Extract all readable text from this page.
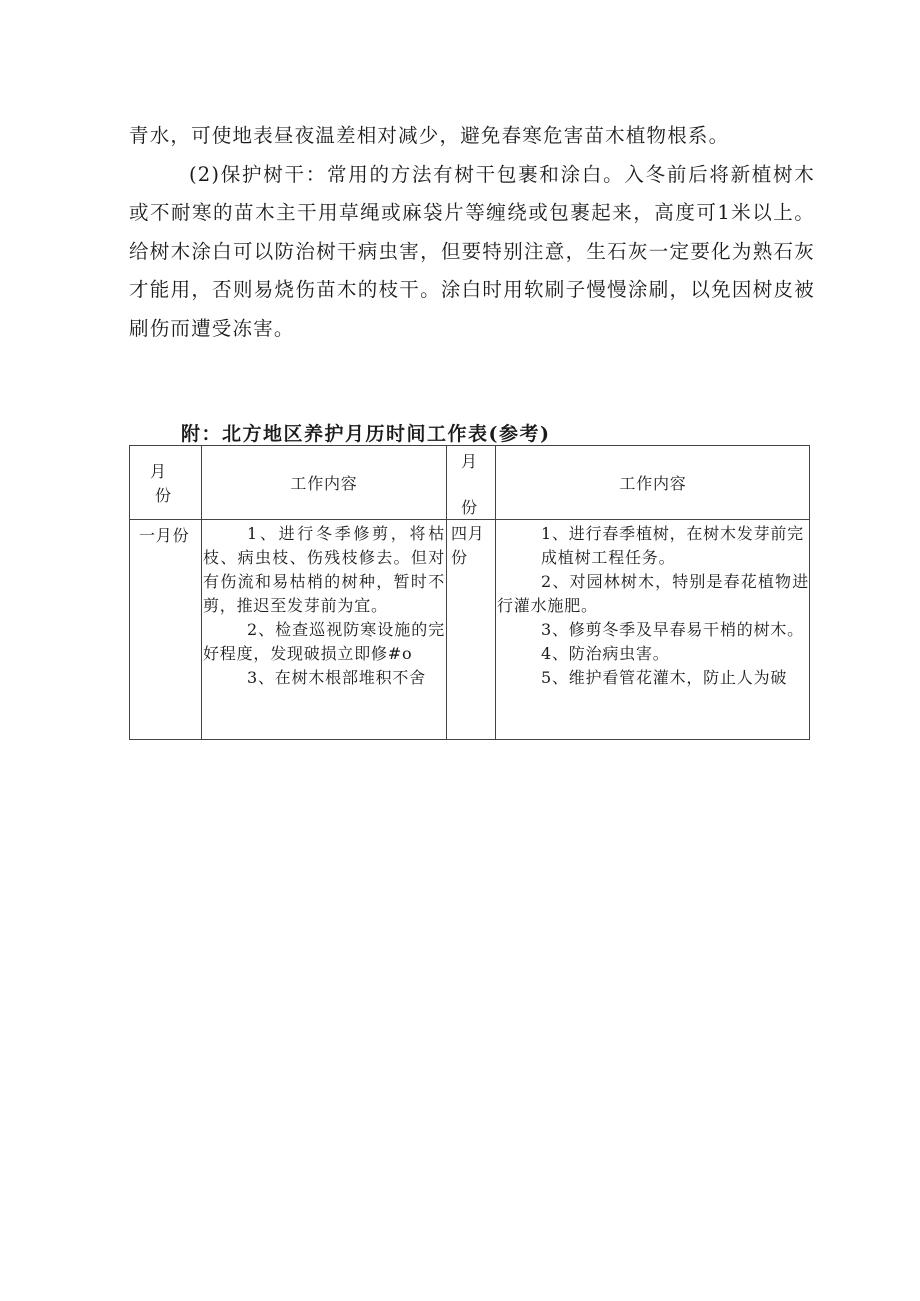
青水，可使地表昼夜温差相对减少，避免春寒危害苗木植物根系。

(2)保护树干：常用的方法有树干包裹和涂白。入冬前后将新植树木或不耐寒的苗木主干用草绳或麻袋片等缠绕或包裹起来，高度可1米以上。给树木涂白可以防治树干病虫害，但要特别注意，生石灰一定要化为熟石灰才能用，否则易烧伤苗木的枝干。涂白时用软刷子慢慢涂刷，以免因树皮被刷伤而遭受冻害。

附：北方地区养护月历时间工作表(参考)
月
份
工作内容
月
份
工作内容
一月份	1、进行冬季修剪，将枯枝、病虫枝、伤残枝修去。但对有伤流和易枯梢的树种，暂时不剪，推迟至发芽前为宜。

2、检查巡视防寒设施的完好程度，发现破损立即修#o

3、在树木根部堆积不舍

四月份

1、进行春季植树，在树木发芽前完

成植树工程任务。

2、对园林树木，特别是春花植物进行灌水施肥。

3、修剪冬季及早春易干梢的树木。

4、防治病虫害。

5、维护看管花灌木，防止人为破
